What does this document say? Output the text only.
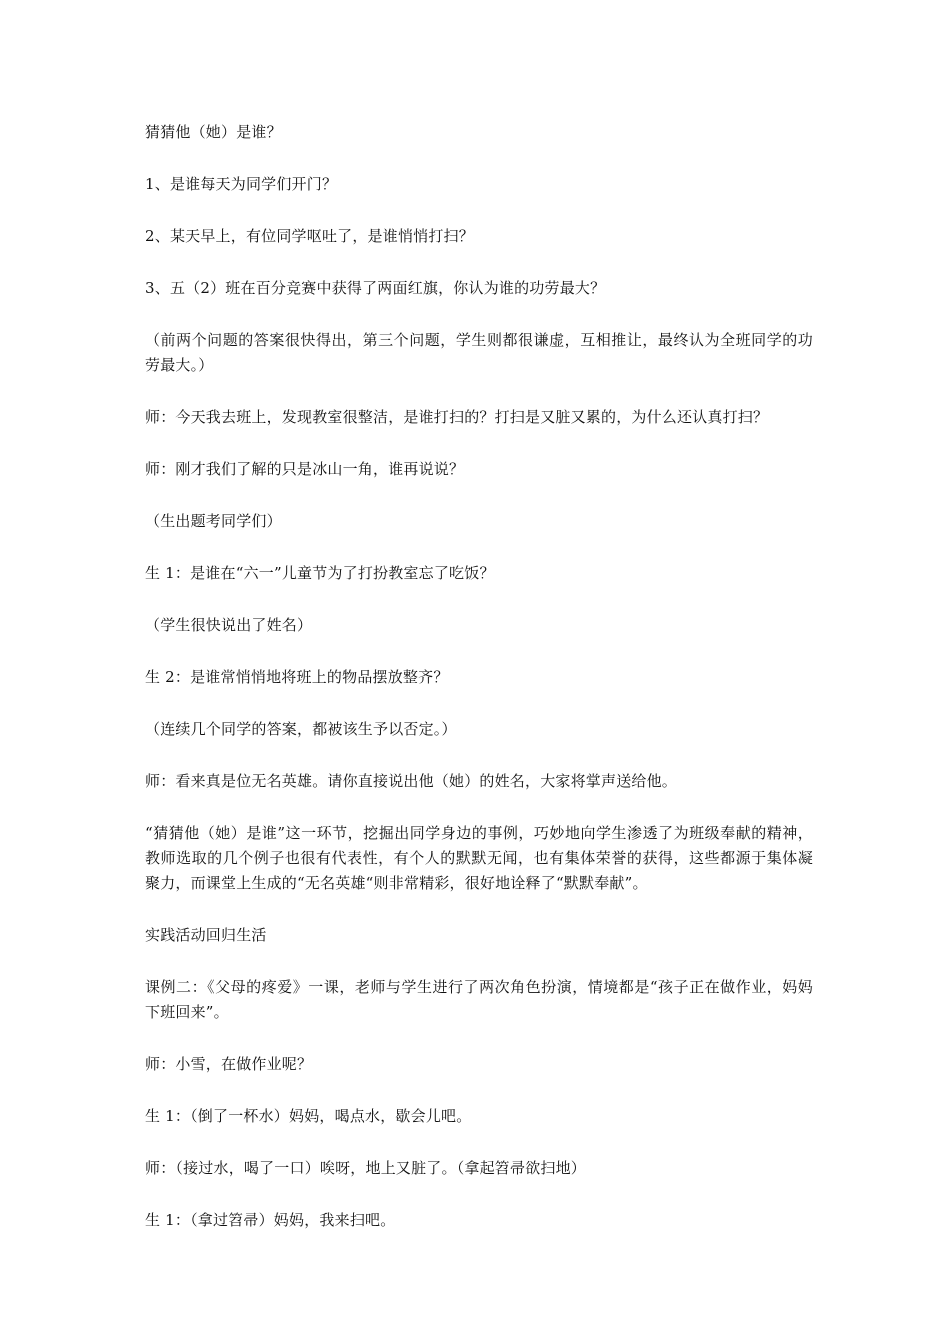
猜猜他（她）是谁？

1、是谁每天为同学们开门？

2、某天早上，有位同学呕吐了，是谁悄悄打扫？

3、五（2）班在百分竞赛中获得了两面红旗，你认为谁的功劳最大？

（前两个问题的答案很快得出，第三个问题，学生则都很谦虚，互相推让，最终认为全班同学的功劳最大。）

师：今天我去班上，发现教室很整洁，是谁打扫的？打扫是又脏又累的，为什么还认真打扫？

师：刚才我们了解的只是冰山一角，谁再说说？

（生出题考同学们）

生 1：是谁在“六一”儿童节为了打扮教室忘了吃饭？

（学生很快说出了姓名）

生 2：是谁常悄悄地将班上的物品摆放整齐？

（连续几个同学的答案，都被该生予以否定。）

师：看来真是位无名英雄。请你直接说出他（她）的姓名，大家将掌声送给他。

“猜猜他（她）是谁”这一环节，挖掘出同学身边的事例，巧妙地向学生渗透了为班级奉献的精神，教师选取的几个例子也很有代表性，有个人的默默无闻，也有集体荣誉的获得，这些都源于集体凝聚力，而课堂上生成的“无名英雄“则非常精彩，很好地诠释了“默默奉献”。

实践活动回归生活

课例二：《父母的疼爱》一课，老师与学生进行了两次角色扮演，情境都是“孩子正在做作业，妈妈下班回来”。

师：小雪，在做作业呢？

生 1：（倒了一杯水）妈妈，喝点水，歇会儿吧。

师：（接过水，喝了一口）唉呀，地上又脏了。（拿起笤帚欲扫地）

生 1：（拿过笤帚）妈妈，我来扫吧。
